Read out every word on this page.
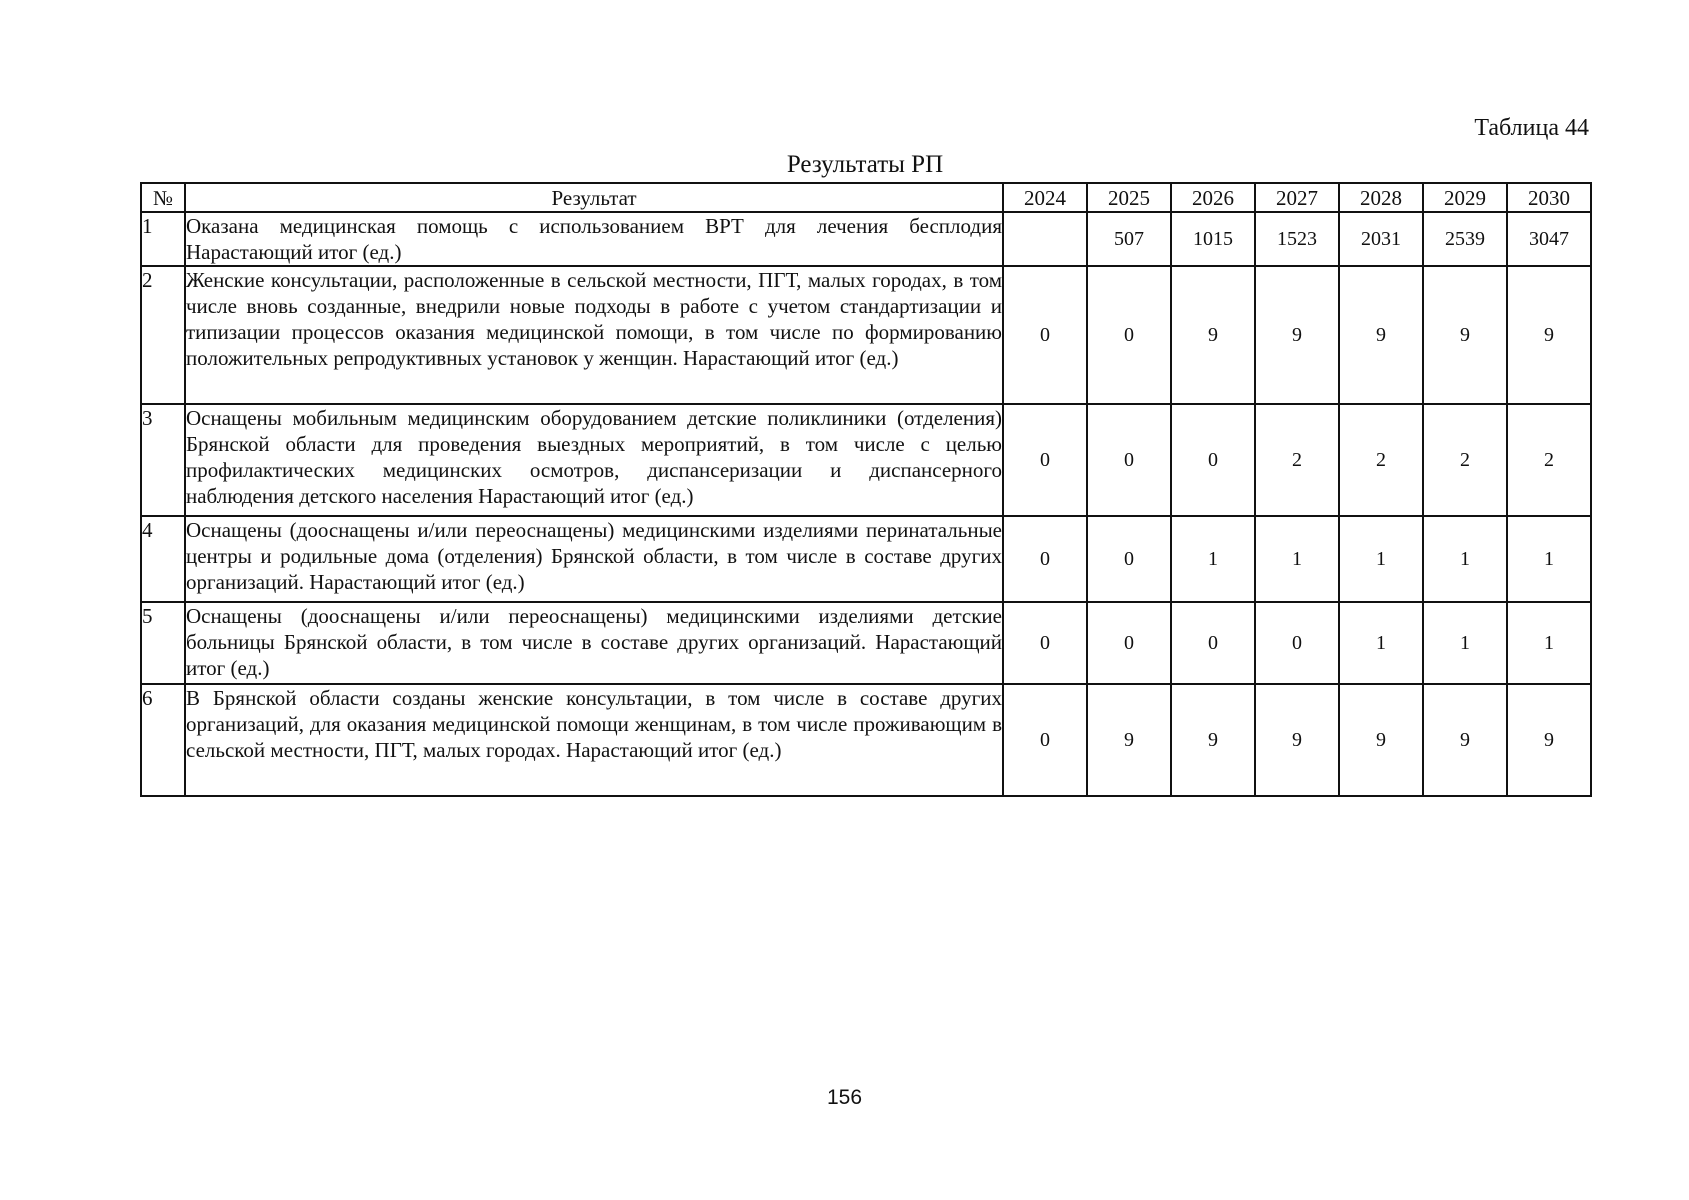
Таблица 44
Результаты РП
№	Результат	2024	2025	2026	2027	2028	2029	2030
1	Оказана медицинская помощь с использованием ВРТ для лечения бесплодия Нарастающий итог (ед.)		507	1015	1523	2031	2539	3047
2	Женские консультации, расположенные в сельской местности, ПГТ, малых городах, в том числе вновь созданные, внедрили новые подходы в работе с учетом стандартизации и типизации процессов оказания медицинской помощи, в том числе по формированию положительных репродуктивных установок у женщин. Нарастающий итог (ед.)	0	0	9	9	9	9	9
3	Оснащены мобильным медицинским оборудованием детские поликлиники (отделения) Брянской области для проведения выездных мероприятий, в том числе с целью профилактических медицинских осмотров, диспансеризации и диспансерного наблюдения детского населения Нарастающий итог (ед.)	0	0	0	2	2	2	2
4	Оснащены (дооснащены и/или переоснащены) медицинскими изделиями перинатальные центры и родильные дома (отделения) Брянской области, в том числе в составе других организаций. Нарастающий итог (ед.)	0	0	1	1	1	1	1
5	Оснащены (дооснащены и/или переоснащены) медицинскими изделиями детские больницы Брянской области, в том числе в составе других организаций. Нарастающий итог (ед.)	0	0	0	0	1	1	1
6	В Брянской области созданы женские консультации, в том числе в составе других организаций, для оказания медицинской помощи женщинам, в том числе проживающим в сельской местности, ПГТ, малых городах. Нарастающий итог (ед.)	0	9	9	9	9	9	9
156
